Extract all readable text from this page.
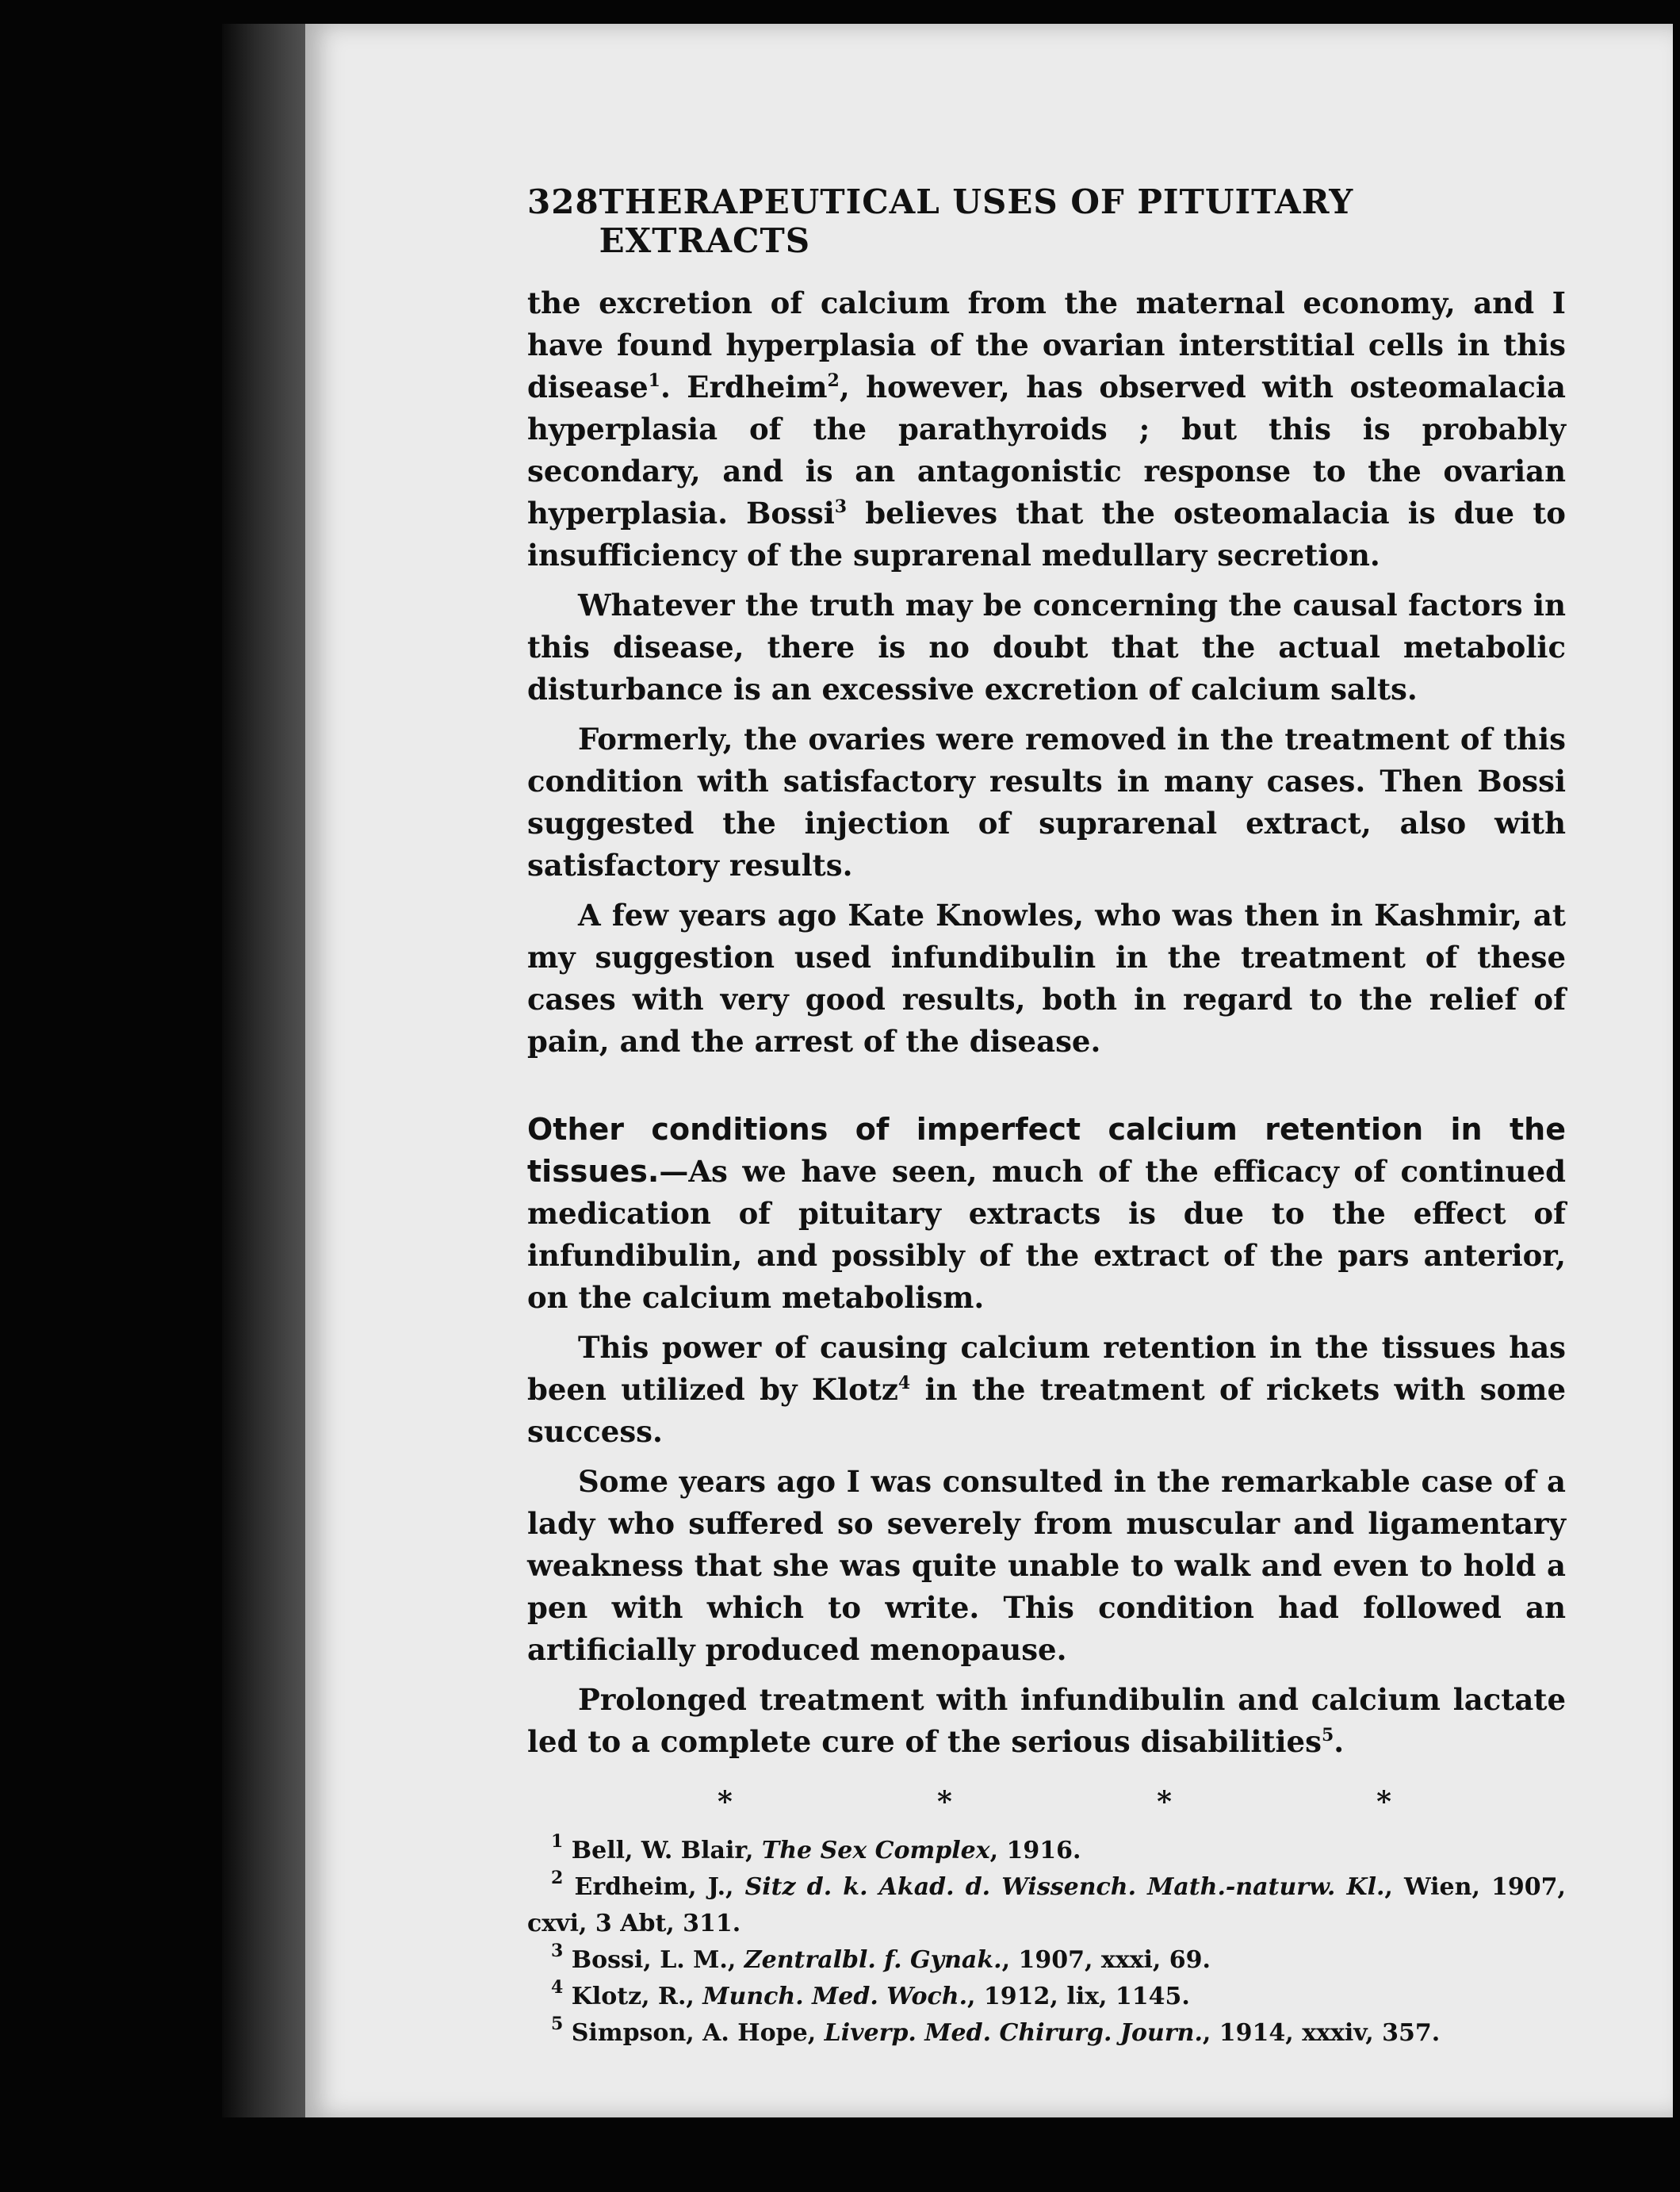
328 THERAPEUTICAL USES OF PITUITARY EXTRACTS

the excretion of calcium from the maternal economy, and I have found hyperplasia of the ovarian interstitial cells in this disease$^1$. Erdheim$^2$, however, has observed with osteomalacia hyperplasia of the parathyroids ; but this is probably secondary, and is an antagonistic response to the ovarian hyperplasia. Bossi$^3$ believes that the osteomalacia is due to insufficiency of the suprarenal medullary secretion.

Whatever the truth may be concerning the causal factors in this disease, there is no doubt that the actual metabolic disturbance is an excessive excretion of calcium salts.

Formerly, the ovaries were removed in the treatment of this condition with satisfactory results in many cases. Then Bossi suggested the injection of suprarenal extract, also with satisfactory results.

A few years ago Kate Knowles, who was then in Kashmir, at my suggestion used infundibulin in the treatment of these cases with very good results, both in regard to the relief of pain, and the arrest of the disease.

Other conditions of imperfect calcium retention in the tissues.—As we have seen, much of the efficacy of continued medication of pituitary extracts is due to the effect of infundibulin, and possibly of the extract of the pars anterior, on the calcium metabolism.

This power of causing calcium retention in the tissues has been utilized by Klotz$^4$ in the treatment of rickets with some success.

Some years ago I was consulted in the remarkable case of a lady who suffered so severely from muscular and ligamentary weakness that she was quite unable to walk and even to hold a pen with which to write. This condition had followed an artificially produced menopause.

Prolonged treatment with infundibulin and calcium lactate led to a complete cure of the serious disabilities$^5$.

*	*	*	*

$^1$ Bell, W. Blair, The Sex Complex, 1916.

$^2$ Erdheim, J., Sitz d. k. Akad. d. Wissench. Math.-naturw. Kl., Wien, 1907, cxvi, 3 Abt, 311.

$^3$ Bossi, L. M., Zentralbl. f. Gynak., 1907, xxxi, 69.

$^4$ Klotz, R., Munch. Med. Woch., 1912, lix, 1145.

$^5$ Simpson, A. Hope, Liverp. Med. Chirurg. Journ., 1914, xxxiv, 357.
